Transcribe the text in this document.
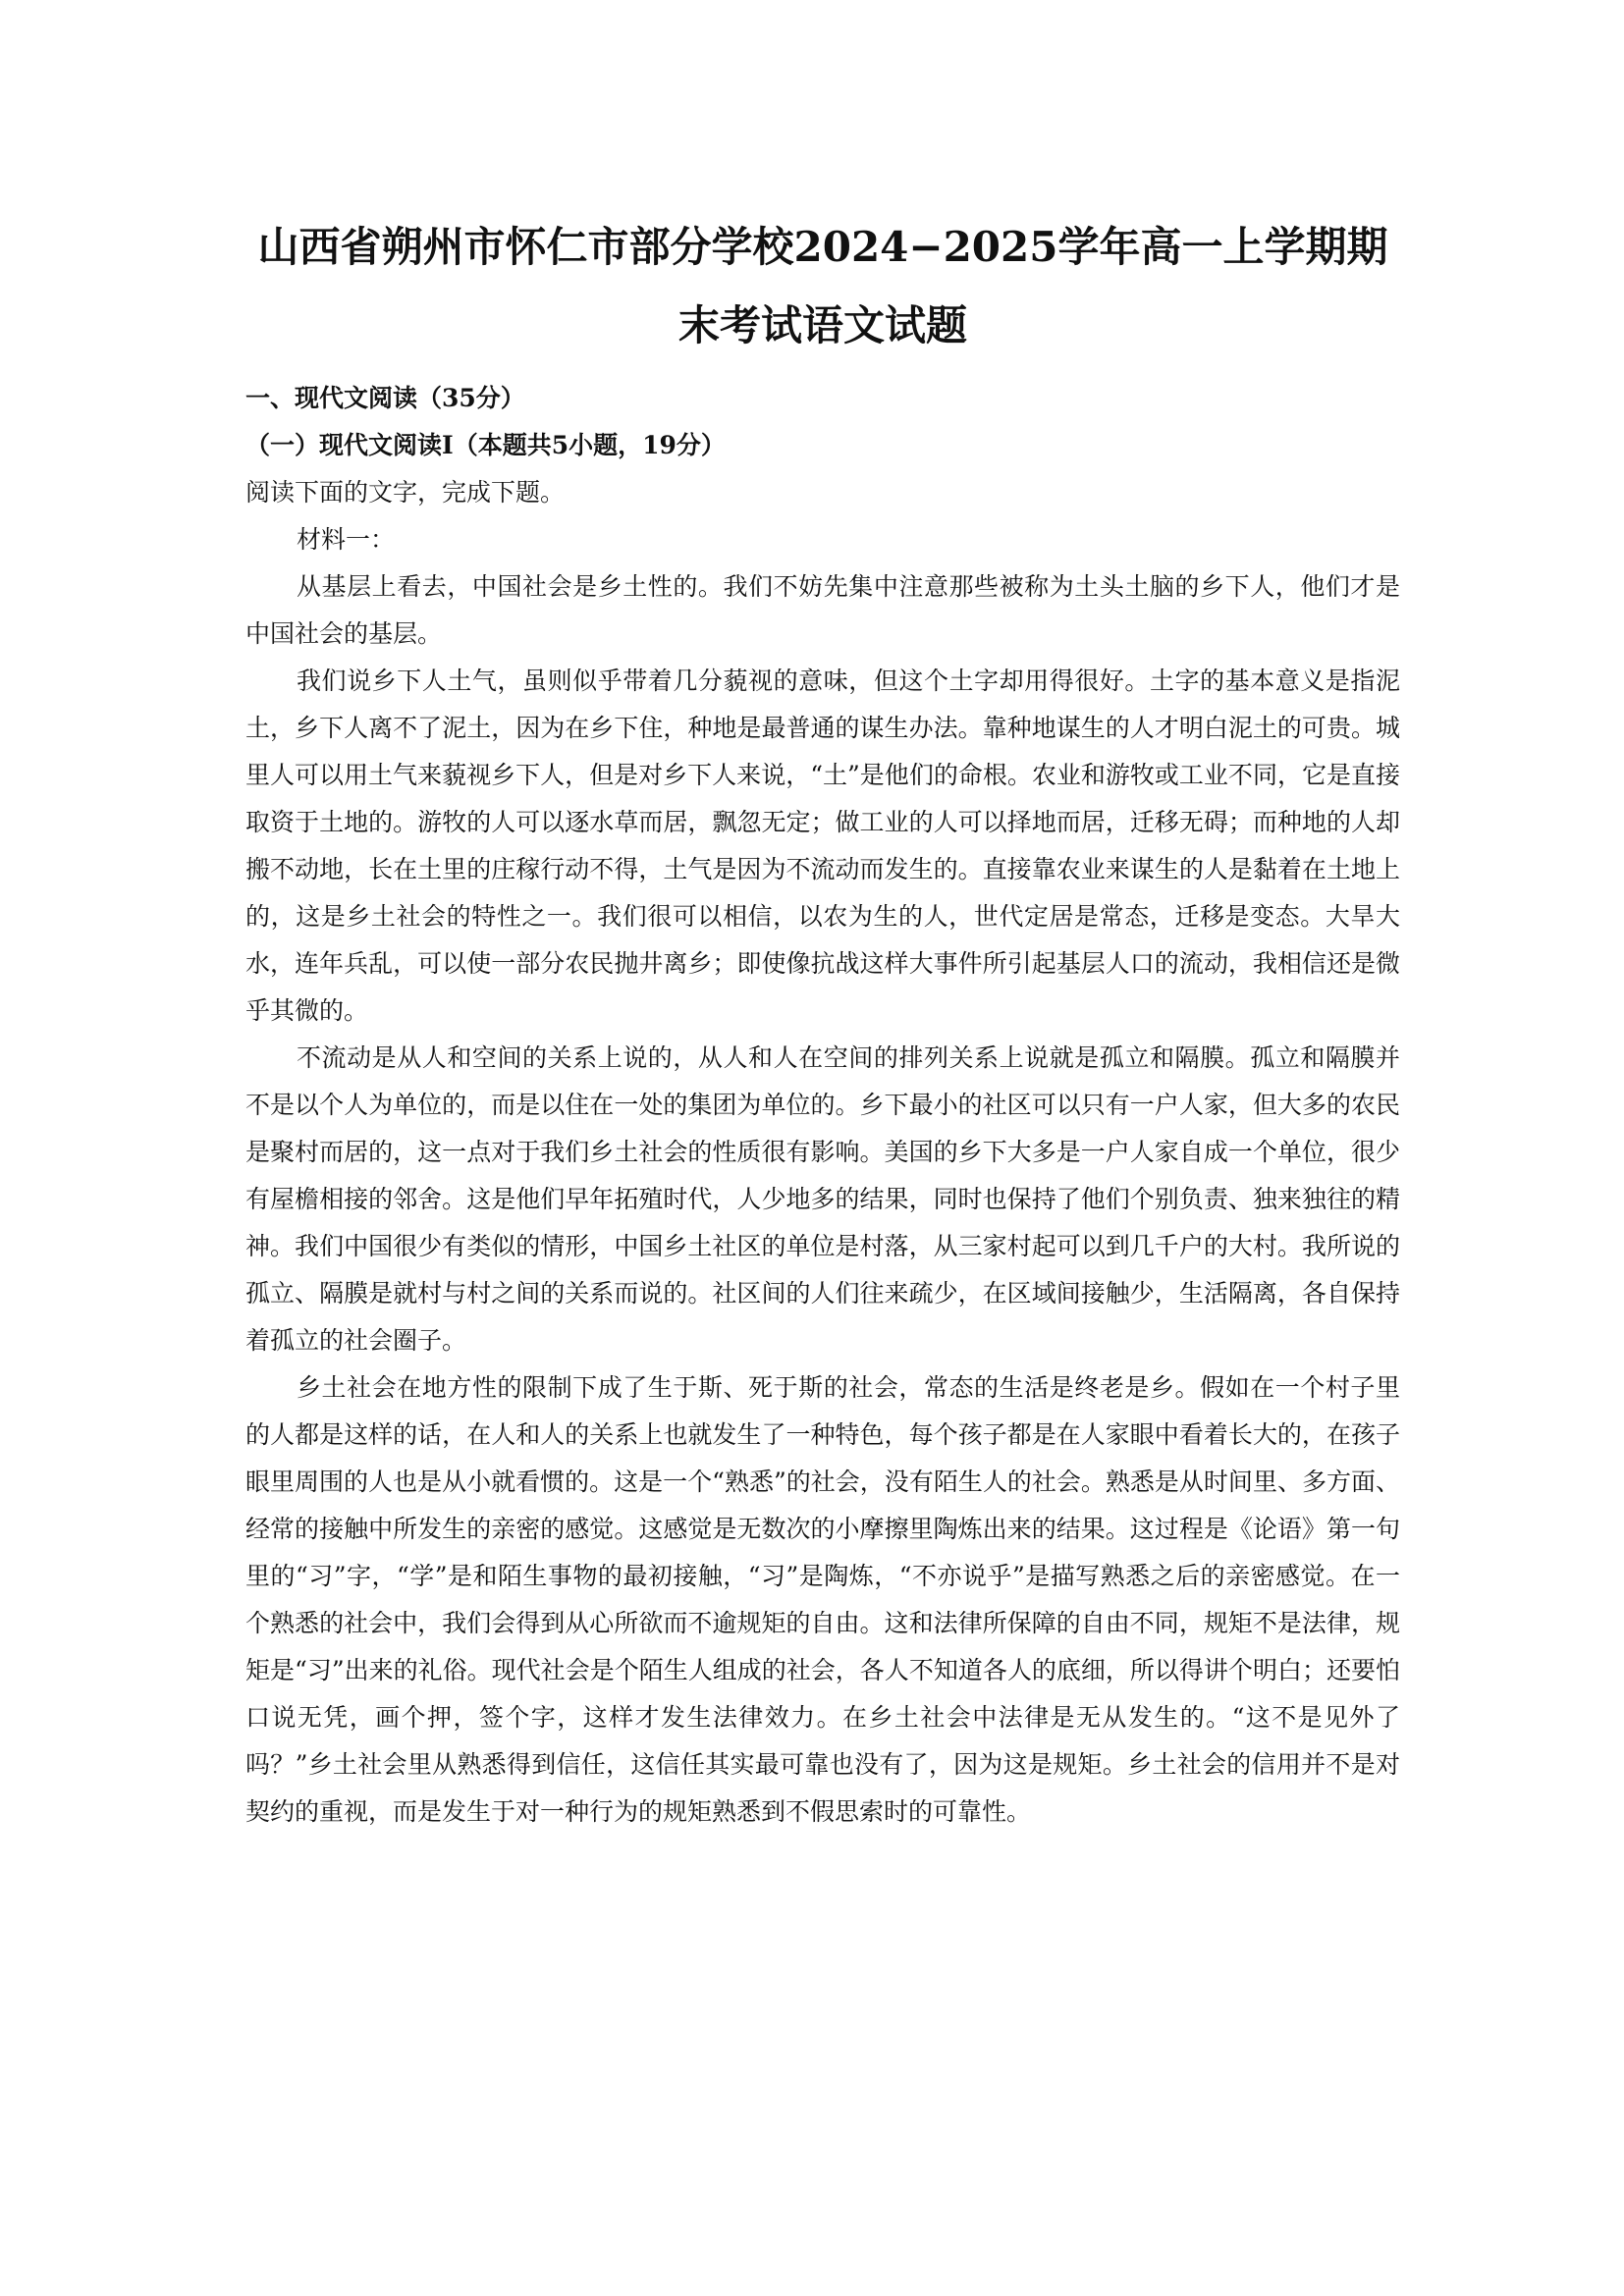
山西省朔州市怀仁市部分学校2024−2025学年高一上学期期
末考试语文试题
一、现代文阅读（35分）
（一）现代文阅读Ⅰ（本题共5小题，19分）
阅读下面的文字，完成下题。
材料一：

从基层上看去，中国社会是乡土性的。我们不妨先集中注意那些被称为土头土脑的乡下人，他们才是中国社会的基层。

我们说乡下人土气，虽则似乎带着几分藐视的意味，但这个土字却用得很好。土字的基本意义是指泥土，乡下人离不了泥土，因为在乡下住，种地是最普通的谋生办法。靠种地谋生的人才明白泥土的可贵。城里人可以用土气来藐视乡下人，但是对乡下人来说，“土”是他们的命根。农业和游牧或工业不同，它是直接取资于土地的。游牧的人可以逐水草而居，飘忽无定；做工业的人可以择地而居，迁移无碍；而种地的人却搬不动地，长在土里的庄稼行动不得，土气是因为不流动而发生的。直接靠农业来谋生的人是黏着在土地上的，这是乡土社会的特性之一。我们很可以相信，以农为生的人，世代定居是常态，迁移是变态。大旱大水，连年兵乱，可以使一部分农民抛井离乡；即使像抗战这样大事件所引起基层人口的流动，我相信还是微乎其微的。

不流动是从人和空间的关系上说的，从人和人在空间的排列关系上说就是孤立和隔膜。孤立和隔膜并不是以个人为单位的，而是以住在一处的集团为单位的。乡下最小的社区可以只有一户人家，但大多的农民是聚村而居的，这一点对于我们乡土社会的性质很有影响。美国的乡下大多是一户人家自成一个单位，很少有屋檐相接的邻舍。这是他们早年拓殖时代，人少地多的结果，同时也保持了他们个别负责、独来独往的精神。我们中国很少有类似的情形，中国乡土社区的单位是村落，从三家村起可以到几千户的大村。我所说的孤立、隔膜是就村与村之间的关系而说的。社区间的人们往来疏少，在区域间接触少，生活隔离，各自保持着孤立的社会圈子。

乡土社会在地方性的限制下成了生于斯、死于斯的社会，常态的生活是终老是乡。假如在一个村子里的人都是这样的话，在人和人的关系上也就发生了一种特色，每个孩子都是在人家眼中看着长大的，在孩子眼里周围的人也是从小就看惯的。这是一个“熟悉”的社会，没有陌生人的社会。熟悉是从时间里、多方面、经常的接触中所发生的亲密的感觉。这感觉是无数次的小摩擦里陶炼出来的结果。这过程是《论语》第一句里的“习”字，“学”是和陌生事物的最初接触，“习”是陶炼，“不亦说乎”是描写熟悉之后的亲密感觉。在一个熟悉的社会中，我们会得到从心所欲而不逾规矩的自由。这和法律所保障的自由不同，规矩不是法律，规矩是“习”出来的礼俗。现代社会是个陌生人组成的社会，各人不知道各人的底细，所以得讲个明白；还要怕口说无凭，画个押，签个字，这样才发生法律效力。在乡土社会中法律是无从发生的。“这不是见外了吗？”乡土社会里从熟悉得到信任，这信任其实最可靠也没有了，因为这是规矩。乡土社会的信用并不是对契约的重视，而是发生于对一种行为的规矩熟悉到不假思索时的可靠性。
